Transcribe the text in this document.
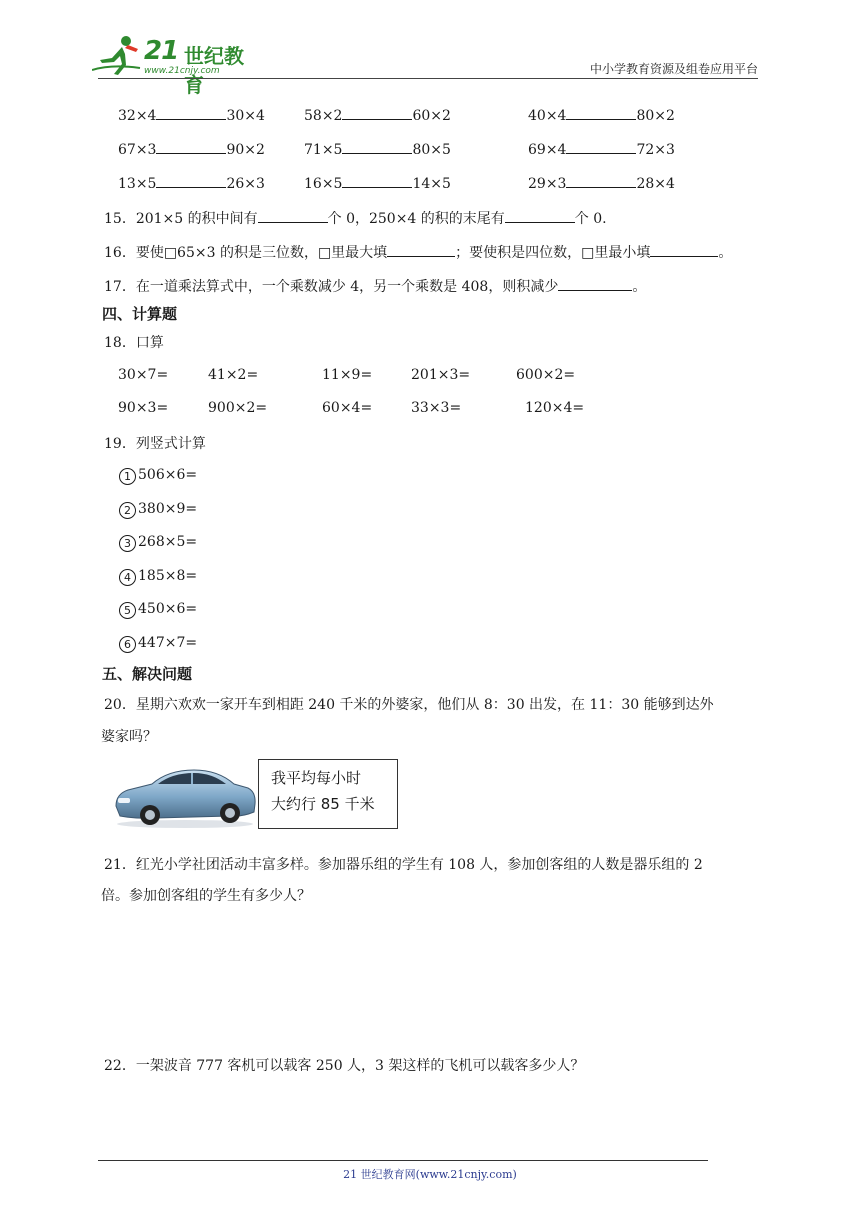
21 世纪教育
www.21cnjy.com	中小学教育资源及组卷应用平台
32×4	30×4	58×2	60×2	40×4	80×2
67×3	90×2	71×5	80×5	69×4	72×3
13×5	26×3	16×5	14×5	29×3	28×4
15．201×5 的积中间有	个 0，250×4 的积的末尾有	个 0.
16．要使□65×3 的积是三位数，□里最大填	；要使积是四位数，□里最小填	。
17．在一道乘法算式中，一个乘数减少 4，另一个乘数是 408，则积减少	。
四、计算题
18．口算
30×7=	41×2=	11×9=	201×3=	600×2=
90×3=	900×2=	60×4=	33×3=	120×4=
19．列竖式计算
1 506×6=
2 380×9=
3 268×5=
4 185×8=
5 450×6=
6 447×7=
五、解决问题
20．星期六欢欢一家开车到相距 240 千米的外婆家，他们从 8：30 出发，在 11：30 能够到达外
婆家吗？
我平均每小时
大约行 85 千米
21．红光小学社团活动丰富多样。参加器乐组的学生有 108 人，参加创客组的人数是器乐组的 2
倍。参加创客组的学生有多少人？
22．一架波音 777 客机可以载客 250 人，3 架这样的飞机可以载客多少人？
21 世纪教育网(www.21cnjy.com)
